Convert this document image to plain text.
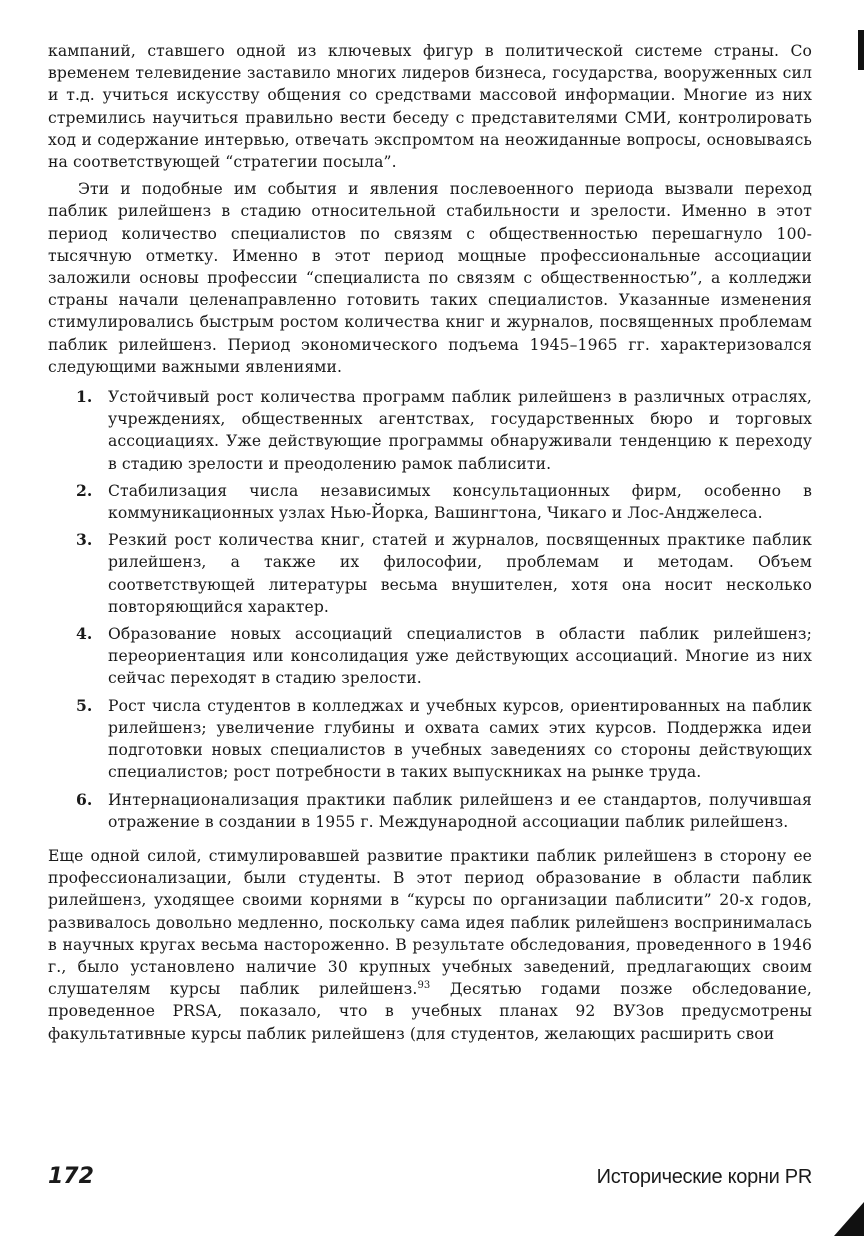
кампаний, ставшего одной из ключевых фигур в политической системе страны. Со временем телевидение заставило многих лидеров бизнеса, государства, вооруженных сил и т.д. учиться искусству общения со средствами массовой информации. Многие из них стремились научиться правильно вести беседу с представителями СМИ, контролировать ход и содержание интервью, отвечать экспромтом на неожиданные вопросы, основываясь на соответствующей “стратегии посыла”.

Эти и подобные им события и явления послевоенного периода вызвали переход паблик рилейшенз в стадию относительной стабильности и зрелости. Именно в этот период количество специалистов по связям с общественностью перешагнуло 100-тысячную отметку. Именно в этот период мощные профессиональные ассоциации заложили основы профессии “специалиста по связям с общественностью”, а колледжи страны начали целенаправленно готовить таких специалистов. Указанные изменения стимулировались быстрым ростом количества книг и журналов, посвященных проблемам паблик рилейшенз. Период экономического подъема 1945–1965 гг. характеризовался следующими важными явлениями.

1. Устойчивый рост количества программ паблик рилейшенз в различных отраслях, учреждениях, общественных агентствах, государственных бюро и торговых ассоциациях. Уже действующие программы обнаруживали тенденцию к переходу в стадию зрелости и преодолению рамок паблисити.

2. Стабилизация числа независимых консультационных фирм, особенно в коммуникационных узлах Нью-Йорка, Вашингтона, Чикаго и Лос-Анджелеса.

3. Резкий рост количества книг, статей и журналов, посвященных практике паблик рилейшенз, а также их философии, проблемам и методам. Объем соответствующей литературы весьма внушителен, хотя она носит несколько повторяющийся характер.

4. Образование новых ассоциаций специалистов в области паблик рилейшенз; переориентация или консолидация уже действующих ассоциаций. Многие из них сейчас переходят в стадию зрелости.

5. Рост числа студентов в колледжах и учебных курсов, ориентированных на паблик рилейшенз; увеличение глубины и охвата самих этих курсов. Поддержка идеи подготовки новых специалистов в учебных заведениях со стороны действующих специалистов; рост потребности в таких выпускниках на рынке труда.

6. Интернационализация практики паблик рилейшенз и ее стандартов, получившая отражение в создании в 1955 г. Международной ассоциации паблик рилейшенз.

Еще одной силой, стимулировавшей развитие практики паблик рилейшенз в сторону ее профессионализации, были студенты. В этот период образование в области паблик рилейшенз, уходящее своими корнями в “курсы по организации паблисити” 20-х годов, развивалось довольно медленно, поскольку сама идея паблик рилейшенз воспринималась в научных кругах весьма настороженно. В результате обследования, проведенного в 1946 г., было установлено наличие 30 крупных учебных заведений, предлагающих своим слушателям курсы паблик рилейшенз.$^{93}$ Десятью годами позже обследование, проведенное PRSA, показало, что в учебных планах 92 ВУЗов предусмотрены факультативные курсы паблик рилейшенз (для студентов, желающих расширить свои

172	Исторические корни PR
